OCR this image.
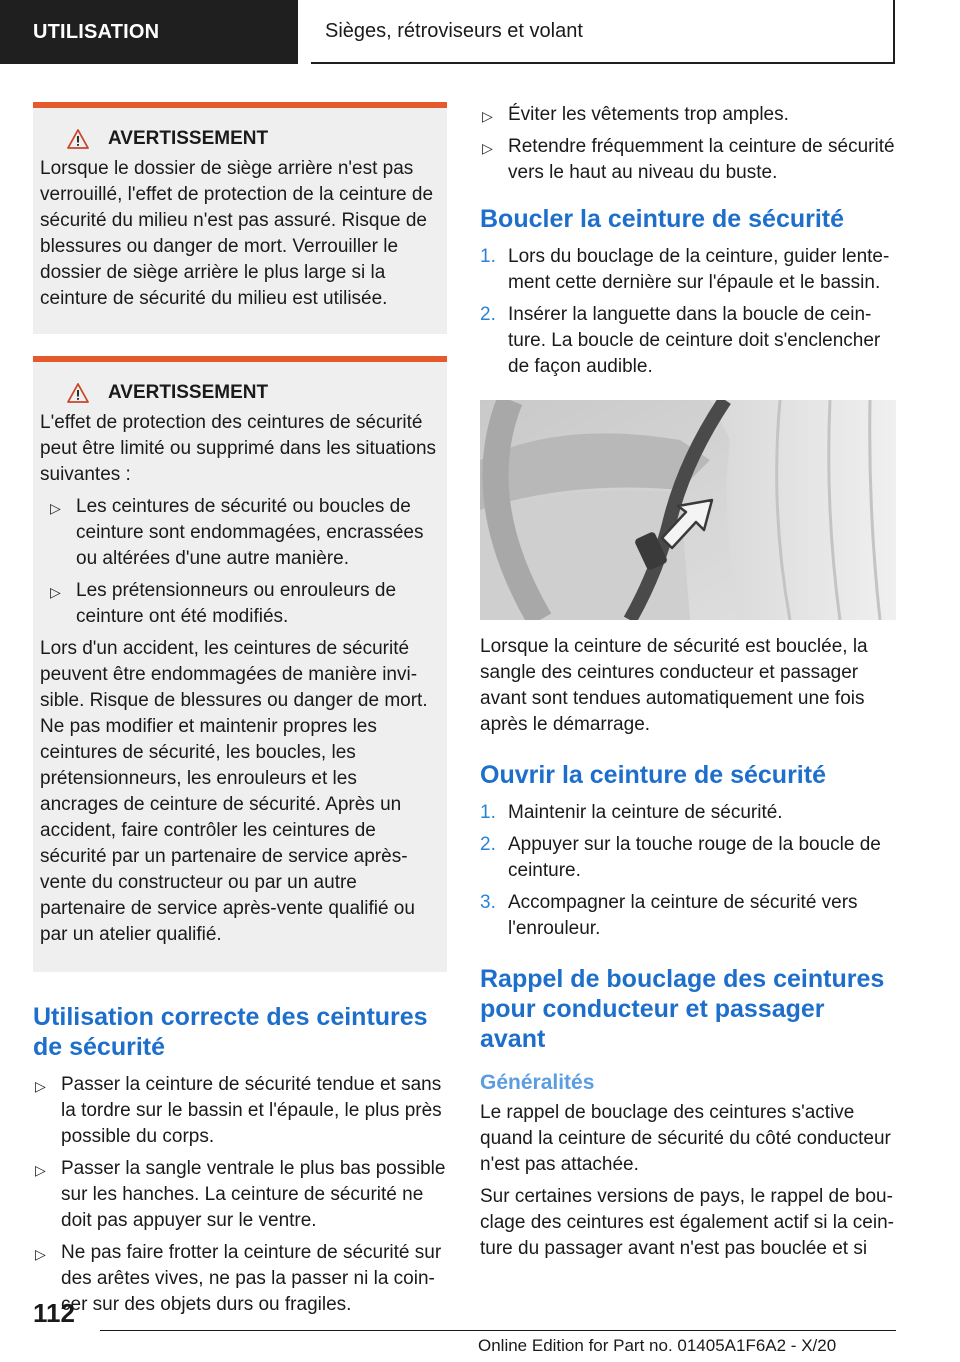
UTILISATION	Sièges, rétroviseurs et volant
AVERTISSEMENT

Lorsque le dossier de siège arrière n'est pas verrouillé, l'effet de protection de la ceinture de sécurité du milieu n'est pas assuré. Risque de blessures ou danger de mort. Verrouiller le dossier de siège arrière le plus large si la ceinture de sécurité du milieu est utilisée.

AVERTISSEMENT

L'effet de protection des ceintures de sécurité peut être limité ou supprimé dans les situations suivantes :

▷ Les ceintures de sécurité ou boucles de ceinture sont endommagées, encrassées ou altérées d'une autre manière.
▷ Les prétensionneurs ou enrouleurs de ceinture ont été modifiés.

Lors d'un accident, les ceintures de sécurité peuvent être endommagées de manière invisible. Risque de blessures ou danger de mort. Ne pas modifier et maintenir propres les ceintures de sécurité, les boucles, les prétensionneurs, les enrouleurs et les ancrages de ceinture de sécurité. Après un accident, faire contrôler les ceintures de sécurité par un partenaire de service après-vente du constructeur ou par un autre partenaire de service après-vente qualifié ou par un atelier qualifié.

Utilisation correcte des ceintures de sécurité
▷ Passer la ceinture de sécurité tendue et sans la tordre sur le bassin et l'épaule, le plus près possible du corps.
▷ Passer la sangle ventrale le plus bas possible sur les hanches. La ceinture de sécurité ne doit pas appuyer sur le ventre.
▷ Ne pas faire frotter la ceinture de sécurité sur des arêtes vives, ne pas la passer ni la coincer sur des objets durs ou fragiles.
▷ Éviter les vêtements trop amples.
▷ Retendre fréquemment la ceinture de sécurité vers le haut au niveau du buste.
Boucler la ceinture de sécurité
1. Lors du bouclage de la ceinture, guider lentement cette dernière sur l'épaule et le bassin.
2. Insérer la languette dans la boucle de ceinture. La boucle de ceinture doit s'enclencher de façon audible.

Lorsque la ceinture de sécurité est bouclée, la sangle des ceintures conducteur et passager avant sont tendues automatiquement une fois après le démarrage.

Ouvrir la ceinture de sécurité
1. Maintenir la ceinture de sécurité.
2. Appuyer sur la touche rouge de la boucle de ceinture.
3. Accompagner la ceinture de sécurité vers l'enrouleur.
Rappel de bouclage des ceintures pour conducteur et passager avant
Généralités

Le rappel de bouclage des ceintures s'active quand la ceinture de sécurité du côté conducteur n'est pas attachée.

Sur certaines versions de pays, le rappel de bouclage des ceintures est également actif si la ceinture du passager avant n'est pas bouclée et si

112
Online Edition for Part no. 01405A1F6A2 - X/20
